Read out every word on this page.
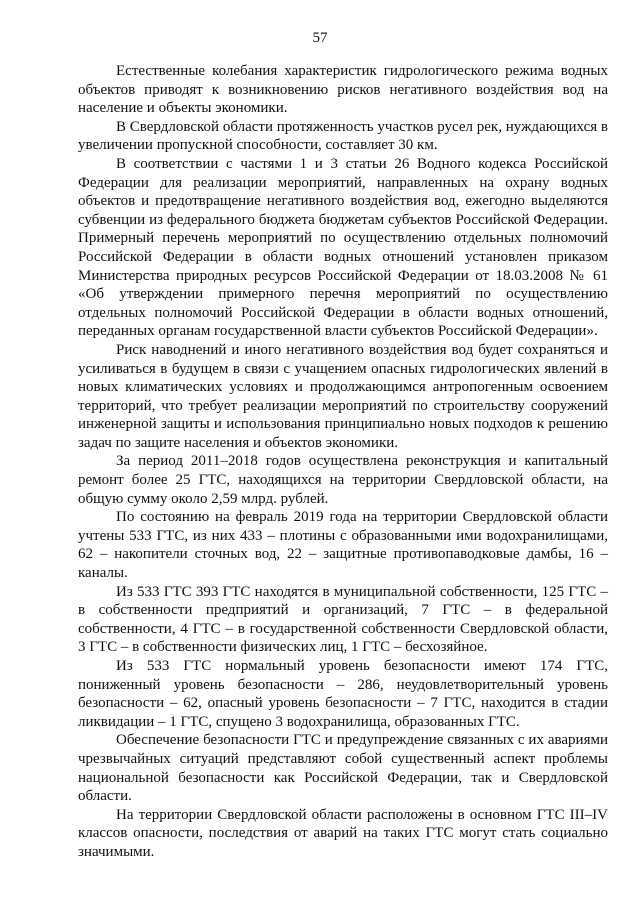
57

Естественные колебания характеристик гидрологического режима водных объектов приводят к возникновению рисков негативного воздействия вод на население и объекты экономики.

В Свердловской области протяженность участков русел рек, нуждающихся в увеличении пропускной способности, составляет 30 км.

В соответствии с частями 1 и 3 статьи 26 Водного кодекса Российской Федерации для реализации мероприятий, направленных на охрану водных объектов и предотвращение негативного воздействия вод, ежегодно выделяются субвенции из федерального бюджета бюджетам субъектов Российской Федерации. Примерный перечень мероприятий по осуществлению отдельных полномочий Российской Федерации в области водных отношений установлен приказом Министерства природных ресурсов Российской Федерации от 18.03.2008 № 61 «Об утверждении примерного перечня мероприятий по осуществлению отдельных полномочий Российской Федерации в области водных отношений, переданных органам государственной власти субъектов Российской Федерации».

Риск наводнений и иного негативного воздействия вод будет сохраняться и усиливаться в будущем в связи с учащением опасных гидрологических явлений в новых климатических условиях и продолжающимся антропогенным освоением территорий, что требует реализации мероприятий по строительству сооружений инженерной защиты и использования принципиально новых подходов к решению задач по защите населения и объектов экономики.

За период 2011–2018 годов осуществлена реконструкция и капитальный ремонт более 25 ГТС, находящихся на территории Свердловской области, на общую сумму около 2,59 млрд. рублей.

По состоянию на февраль 2019 года на территории Свердловской области учтены 533 ГТС, из них 433 – плотины с образованными ими водохранилищами, 62 – накопители сточных вод, 22 – защитные противопаводковые дамбы, 16 – каналы.

Из 533 ГТС 393 ГТС находятся в муниципальной собственности, 125 ГТС – в собственности предприятий и организаций, 7 ГТС – в федеральной собственности, 4 ГТС – в государственной собственности Свердловской области, 3 ГТС – в собственности физических лиц, 1 ГТС – бесхозяйное.

Из 533 ГТС нормальный уровень безопасности имеют 174 ГТС, пониженный уровень безопасности – 286, неудовлетворительный уровень безопасности – 62, опасный уровень безопасности – 7 ГТС, находится в стадии ликвидации – 1 ГТС, спущено 3 водохранилища, образованных ГТС.

Обеспечение безопасности ГТС и предупреждение связанных с их авариями чрезвычайных ситуаций представляют собой существенный аспект проблемы национальной безопасности как Российской Федерации, так и Свердловской области.

На территории Свердловской области расположены в основном ГТС III–IV классов опасности, последствия от аварий на таких ГТС могут стать социально значимыми.
